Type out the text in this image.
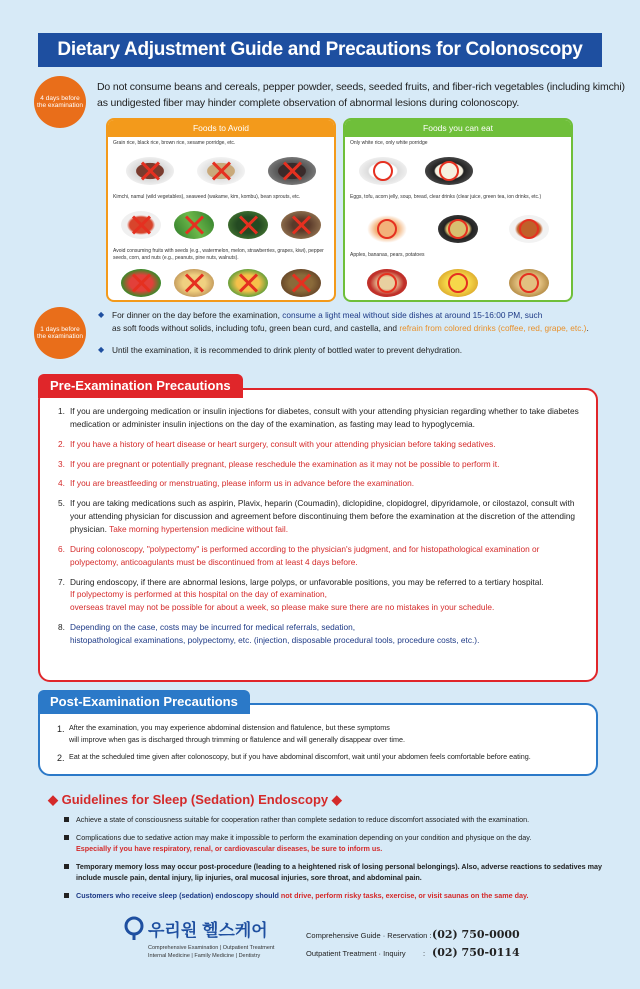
Dietary Adjustment Guide and Precautions for Colonoscopy
4 days before the examination
Do not consume beans and cereals, pepper powder, seeds, seeded fruits, and fiber-rich vegetables (including kimchi) as undigested fiber may hinder complete observation of abnormal lesions during colonoscopy.
Foods to Avoid
Grain rice, black rice, brown rice, sesame porridge, etc.
Kimchi, namul (wild vegetables), seaweed (wakame, kim, kombu), bean sprouts, etc.
Avoid consuming fruits with seeds (e.g., watermelon, melon, strawberries, grapes, kiwi), pepper seeds, corn, and nuts (e.g., peanuts, pine nuts, walnuts).
Foods you can eat
Only white rice, only white porridge
Eggs, tofu, acorn jelly, soup, bread, clear drinks (clear juice, green tea, ion drinks, etc.)
Apples, bananas, pears, potatoes
1 days before the examination
◆ For dinner on the day before the examination, consume a light meal without side dishes at around 15-16:00 PM, such
as soft foods without solids, including tofu, green bean curd, and castella, and refrain from colored drinks (coffee, red, grape, etc.).
◆ Until the examination, it is recommended to drink plenty of bottled water to prevent dehydration.
Pre-Examination Precautions
1. If you are undergoing medication or insulin injections for diabetes, consult with your attending physician regarding whether to take diabetes medication or administer insulin injections on the day of the examination, as fasting may lead to hypoglycemia.
2. If you have a history of heart disease or heart surgery, consult with your attending physician before taking sedatives.
3. If you are pregnant or potentially pregnant, please reschedule the examination as it may not be possible to perform it.
4. If you are breastfeeding or menstruating, please inform us in advance before the examination.
5. If you are taking medications such as aspirin, Plavix, heparin (Coumadin), diclopidine, clopidogrel, dipyridamole, or cilostazol, consult with your attending physician for discussion and agreement before discontinuing them before the examination at the discretion of the attending physician. Take morning hypertension medicine without fail.
6. During colonoscopy, "polypectomy" is performed according to the physician's judgment, and for histopathological examination or polypectomy, anticoagulants must be discontinued from at least 4 days before.
7. During endoscopy, if there are abnormal lesions, large polyps, or unfavorable positions, you may be referred to a tertiary hospital.
If polypectomy is performed at this hospital on the day of examination,
overseas travel may not be possible for about a week, so please make sure there are no mistakes in your schedule.
8. Depending on the case, costs may be incurred for medical referrals, sedation,
histopathological examinations, polypectomy, etc. (injection, disposable procedural tools, procedure costs, etc.).
Post-Examination Precautions
1. After the examination, you may experience abdominal distension and flatulence, but these symptoms
will improve when gas is discharged through trimming or flatulence and will generally disappear over time.
2. Eat at the scheduled time given after colonoscopy, but if you have abdominal discomfort, wait until your abdomen feels comfortable before eating.
◆ Guidelines for Sleep (Sedation) Endoscopy ◆
Achieve a state of consciousness suitable for cooperation rather than complete sedation to reduce discomfort associated with the examination.
Complications due to sedative action may make it impossible to perform the examination depending on your condition and physique on the day.
Especially if you have respiratory, renal, or cardiovascular diseases, be sure to inform us.
Temporary memory loss may occur post-procedure (leading to a heightened risk of losing personal belongings). Also, adverse reactions to sedatives may include muscle pain, dental injury, lip injuries, oral mucosal injuries, sore throat, and abdominal pain.
Customers who receive sleep (sedation) endoscopy should not drive, perform risky tasks, exercise, or visit saunas on the same day.
우리원 헬스케어
Comprehensive Examination | Outpatient Treatment
Internal Medicine | Family Medicine | Dentistry
Comprehensive Guide · Reservation : (02) 750-0000
Outpatient Treatment · Inquiry	: (02) 750-0114
